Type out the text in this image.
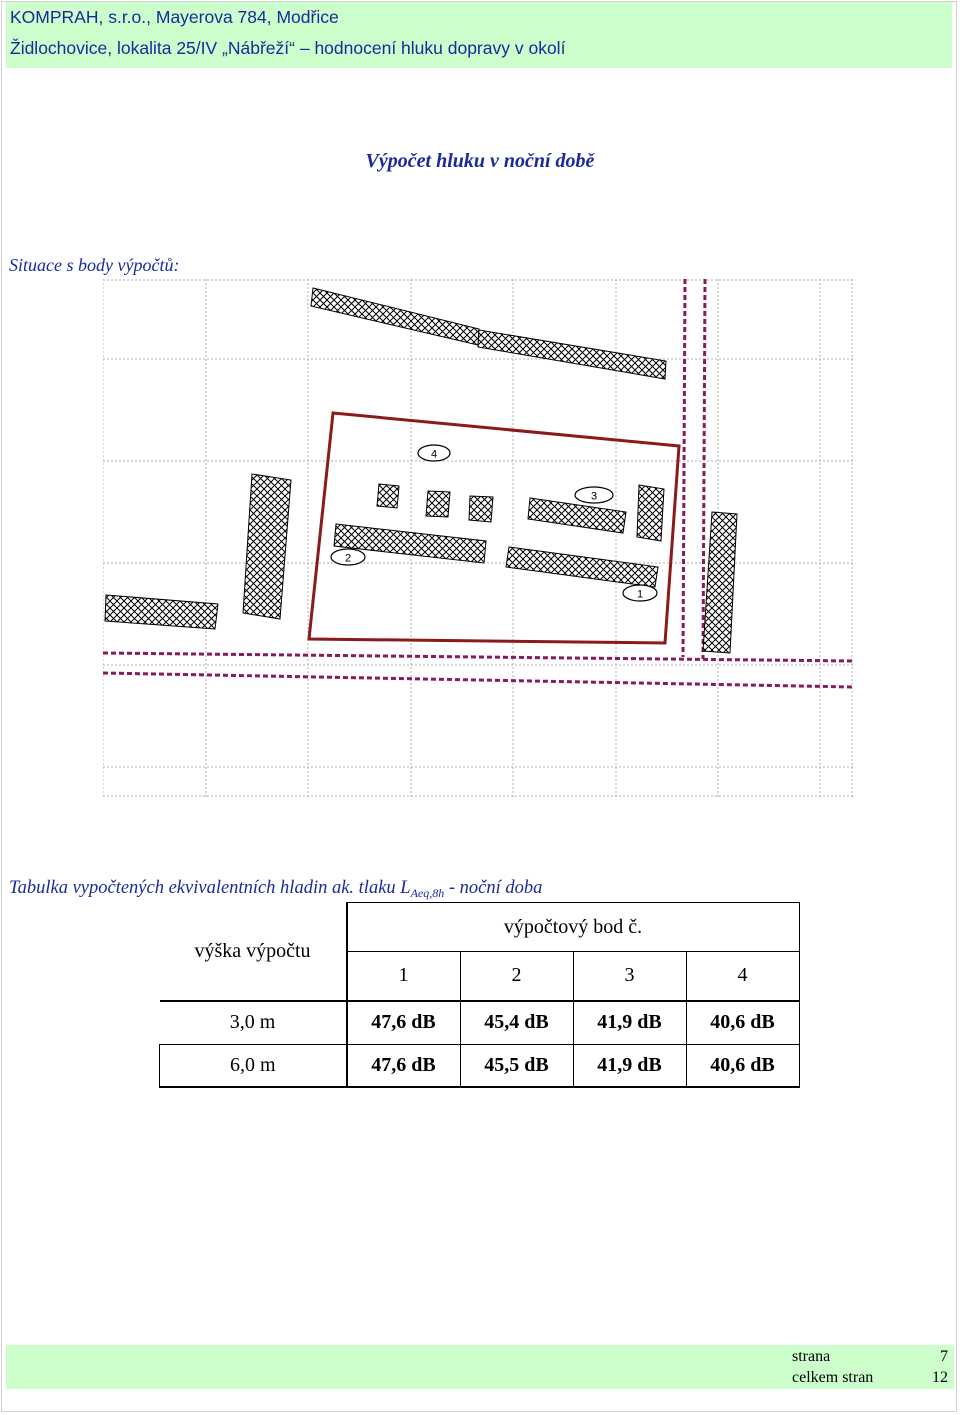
KOMPRAH, s.r.o., Mayerova 784, Modřice
Židlochovice, lokalita 25/IV „Nábřeží“ – hodnocení hluku dopravy v okolí
Výpočet hluku v noční době
Situace s body výpočtů:
4
3
2
1
Tabulka vypočtených ekvivalentních hladin ak. tlaku $L_{Aeq,8h}$ - noční doba
výška výpočtu	výpočtový bod č.			
	1	2	3	4
3,0 m	47,6 dB	45,4 dB	41,9 dB	40,6 dB
6,0 m	47,6 dB	45,5 dB	41,9 dB	40,6 dB
strana	7
celkem stran	12
